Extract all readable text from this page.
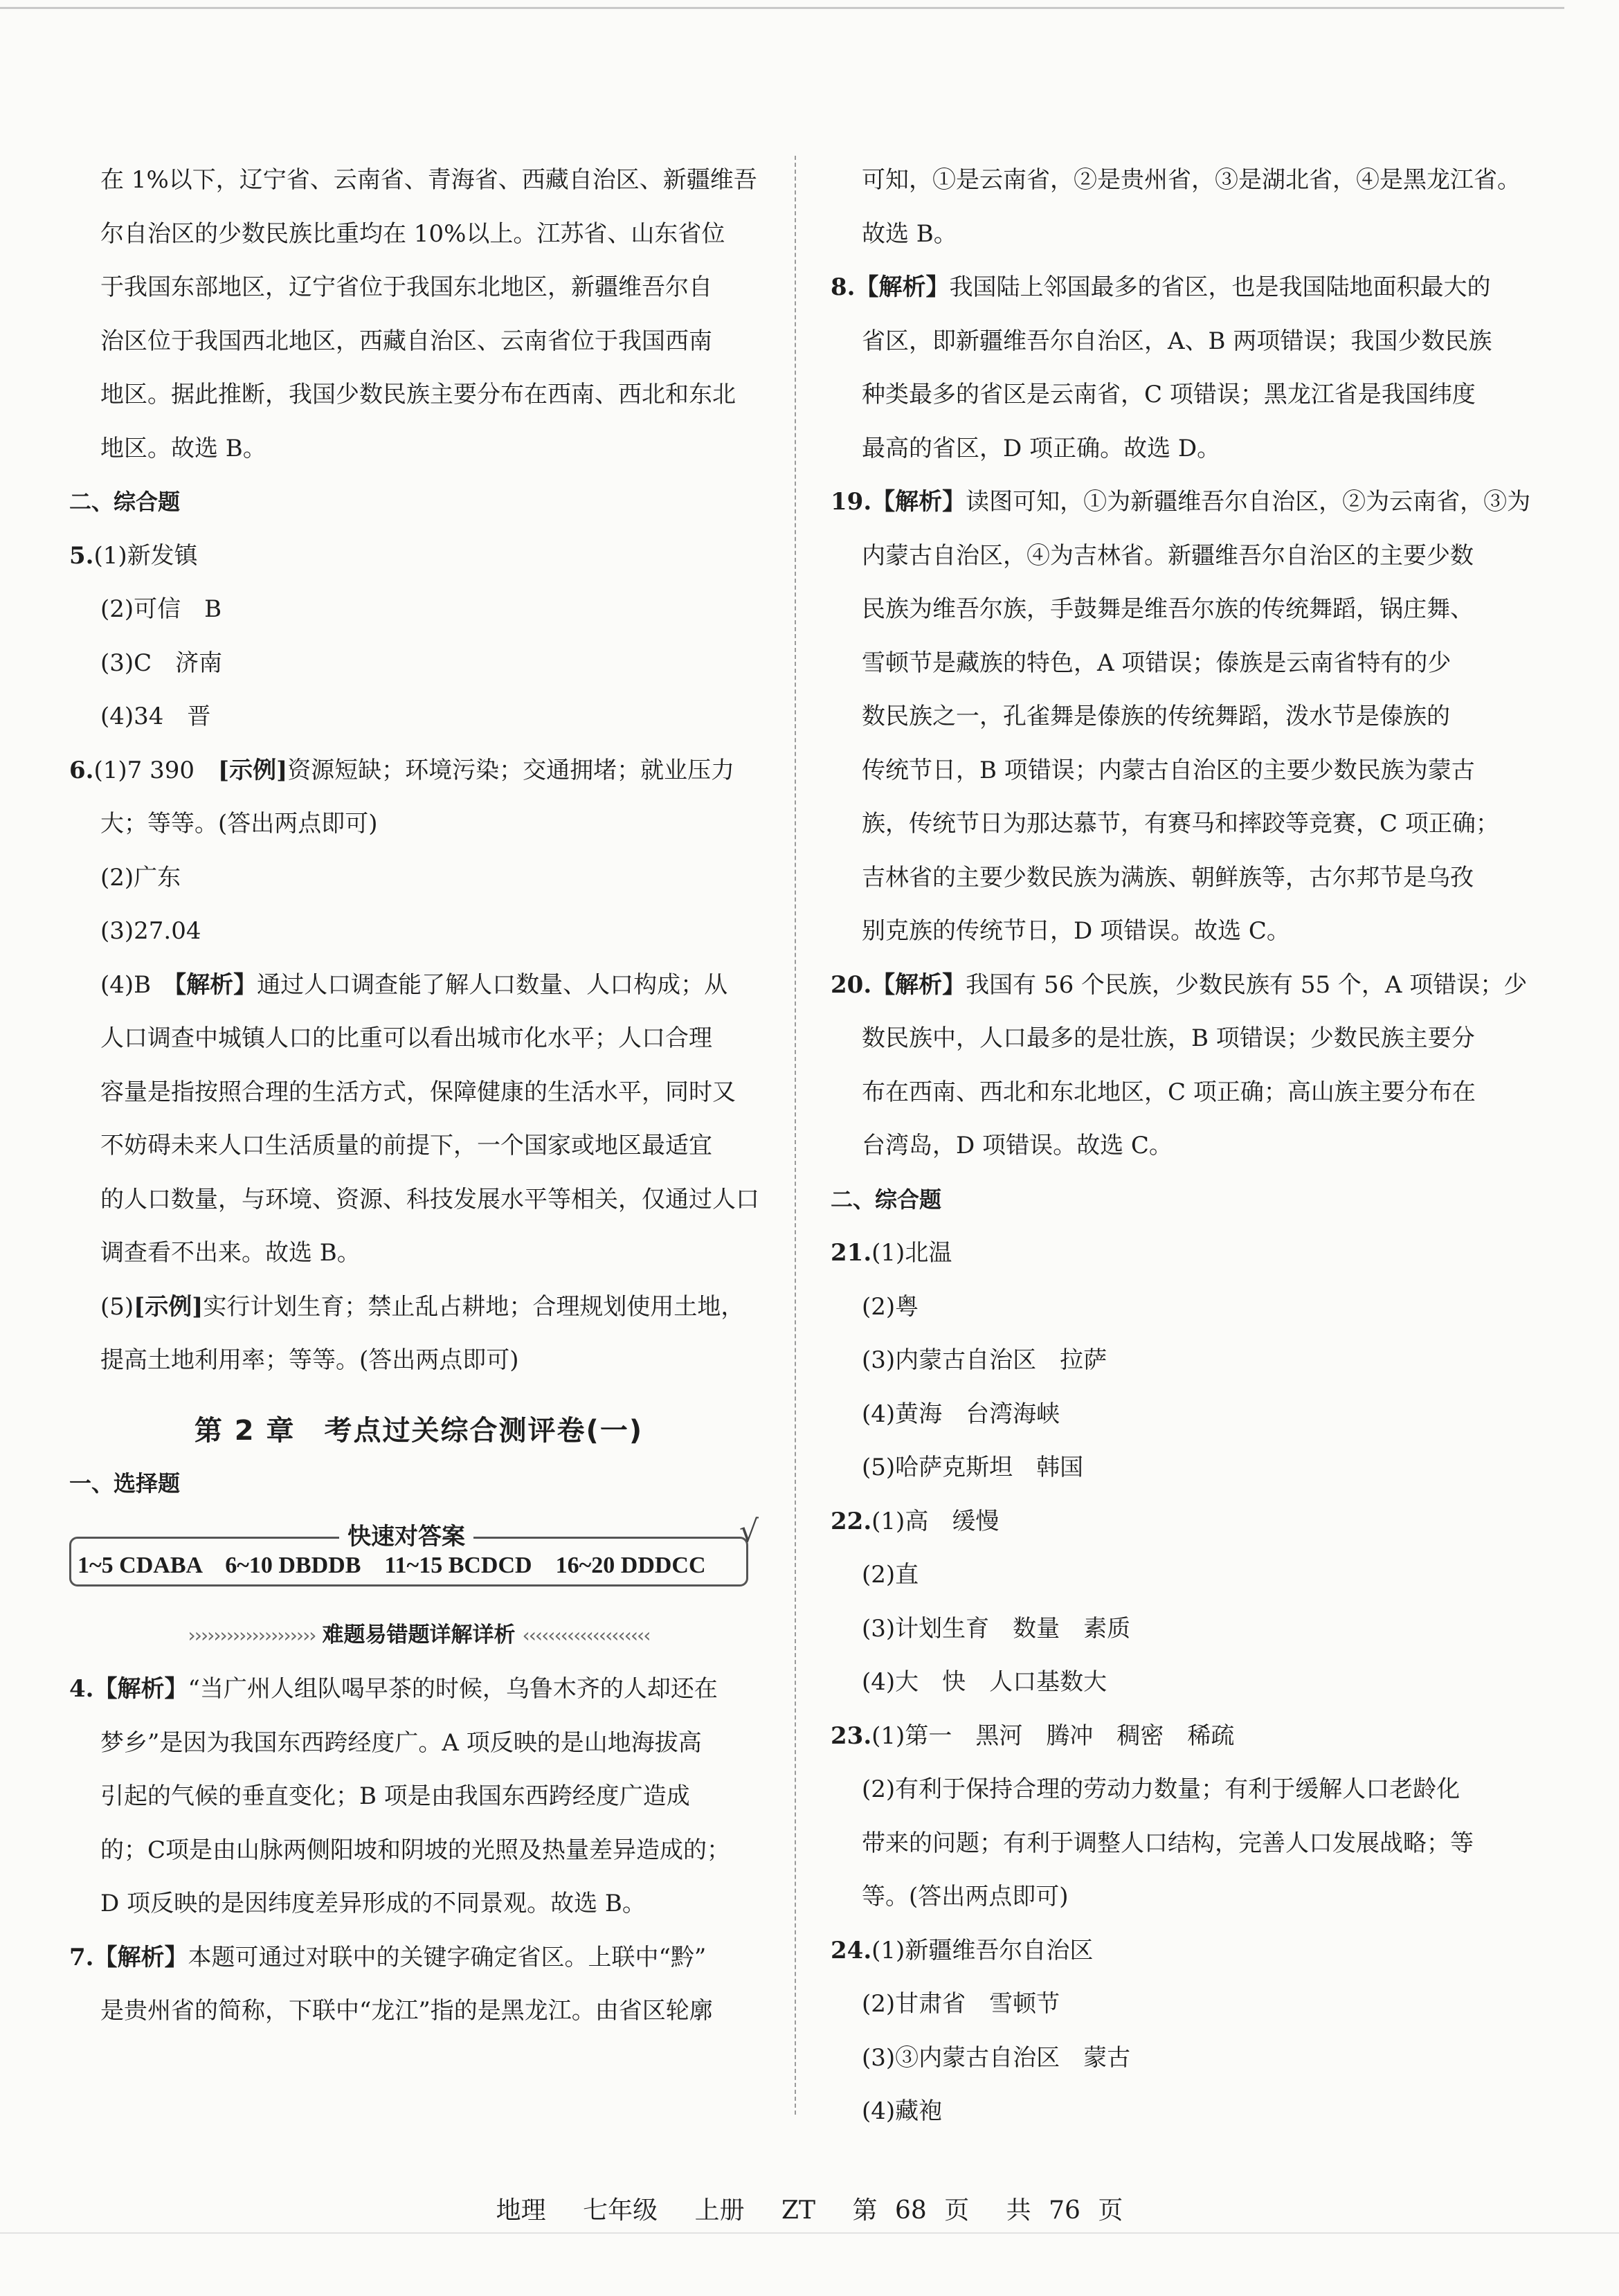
在 1%以下，辽宁省、云南省、青海省、西藏自治区、新疆维吾
尔自治区的少数民族比重均在 10%以上。江苏省、山东省位
于我国东部地区，辽宁省位于我国东北地区，新疆维吾尔自
治区位于我国西北地区，西藏自治区、云南省位于我国西南
地区。据此推断，我国少数民族主要分布在西南、西北和东北
地区。故选 B。
二、综合题
5.(1)新发镇
(2)可信　B
(3)C　济南
(4)34　晋
6.(1)7 390　[示例]资源短缺；环境污染；交通拥堵；就业压力
大；等等。(答出两点即可)
(2)广东
(3)27.04
(4)B　【解析】通过人口调查能了解人口数量、人口构成；从
人口调查中城镇人口的比重可以看出城市化水平；人口合理
容量是指按照合理的生活方式，保障健康的生活水平，同时又
不妨碍未来人口生活质量的前提下，一个国家或地区最适宜
的人口数量，与环境、资源、科技发展水平等相关，仅通过人口
调查看不出来。故选 B。
(5)[示例]实行计划生育；禁止乱占耕地；合理规划使用土地，
提高土地利用率；等等。(答出两点即可)
第 2 章　考点过关综合测评卷(一)
一、选择题
快速对答案
1~5 CDABA　6~10 DBDDB　11~15 BCDCD　16~20 DDDCC
√
›››››››››››››››››››› 难题易错题详解详析 ‹‹‹‹‹‹‹‹‹‹‹‹‹‹‹‹‹‹‹‹
4.【解析】“当广州人组队喝早茶的时候，乌鲁木齐的人却还在
梦乡”是因为我国东西跨经度广。A 项反映的是山地海拔高
引起的气候的垂直变化；B 项是由我国东西跨经度广造成
的；C项是由山脉两侧阳坡和阴坡的光照及热量差异造成的；
D 项反映的是因纬度差异形成的不同景观。故选 B。
7.【解析】本题可通过对联中的关键字确定省区。上联中“黔”
是贵州省的简称，下联中“龙江”指的是黑龙江。由省区轮廓
可知，①是云南省，②是贵州省，③是湖北省，④是黑龙江省。
故选 B。
8.【解析】我国陆上邻国最多的省区，也是我国陆地面积最大的
省区，即新疆维吾尔自治区，A、B 两项错误；我国少数民族
种类最多的省区是云南省，C 项错误；黑龙江省是我国纬度
最高的省区，D 项正确。故选 D。
19.【解析】读图可知，①为新疆维吾尔自治区，②为云南省，③为
内蒙古自治区，④为吉林省。新疆维吾尔自治区的主要少数
民族为维吾尔族，手鼓舞是维吾尔族的传统舞蹈，锅庄舞、
雪顿节是藏族的特色，A 项错误；傣族是云南省特有的少
数民族之一，孔雀舞是傣族的传统舞蹈，泼水节是傣族的
传统节日，B 项错误；内蒙古自治区的主要少数民族为蒙古
族，传统节日为那达慕节，有赛马和摔跤等竞赛，C 项正确；
吉林省的主要少数民族为满族、朝鲜族等，古尔邦节是乌孜
别克族的传统节日，D 项错误。故选 C。
20.【解析】我国有 56 个民族，少数民族有 55 个，A 项错误；少
数民族中，人口最多的是壮族，B 项错误；少数民族主要分
布在西南、西北和东北地区，C 项正确；高山族主要分布在
台湾岛，D 项错误。故选 C。
二、综合题
21.(1)北温
(2)粤
(3)内蒙古自治区　拉萨
(4)黄海　台湾海峡
(5)哈萨克斯坦　韩国
22.(1)高　缓慢
(2)直
(3)计划生育　数量　素质
(4)大　快　人口基数大
23.(1)第一　黑河　腾冲　稠密　稀疏
(2)有利于保持合理的劳动力数量；有利于缓解人口老龄化
带来的问题；有利于调整人口结构，完善人口发展战略；等
等。(答出两点即可)
24.(1)新疆维吾尔自治区
(2)甘肃省　雪顿节
(3)③内蒙古自治区　蒙古
(4)藏袍
地理 七年级 上册 ZT 第 68 页 共 76 页
